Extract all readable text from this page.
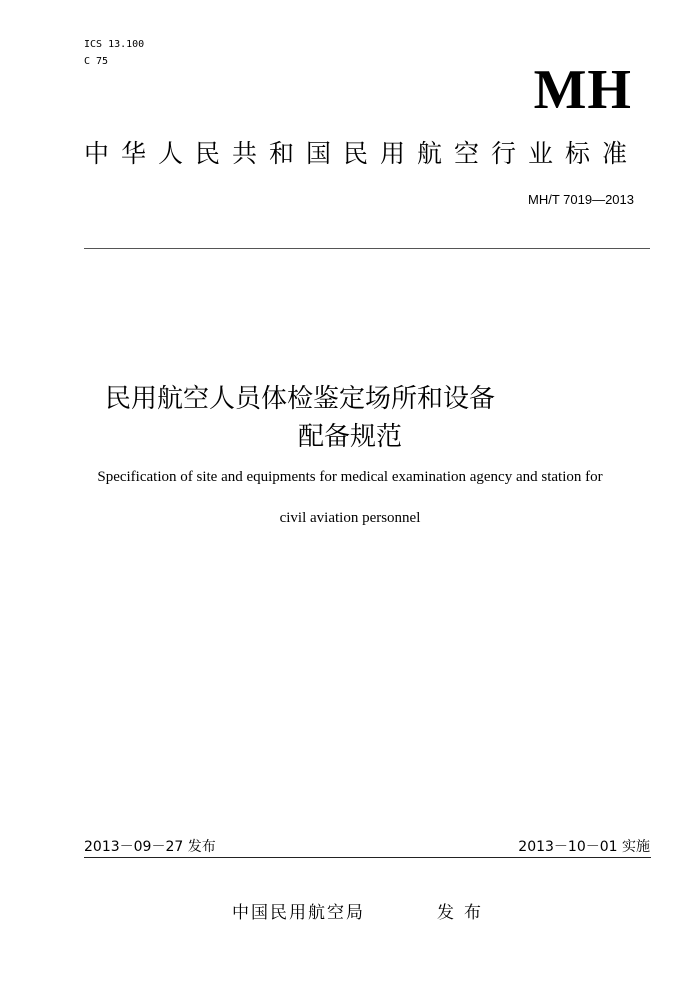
ICS 13.100
C 75	MH
中华人民共和国民用航空行业标准
MH/T 7019—2013
民用航空人员体检鉴定场所和设备
配备规范
Specification of site and equipments for medical examination agency and station for
civil aviation personnel
2013－09－27 发布	2013－10－01 实施
中国民用航空局	发布
